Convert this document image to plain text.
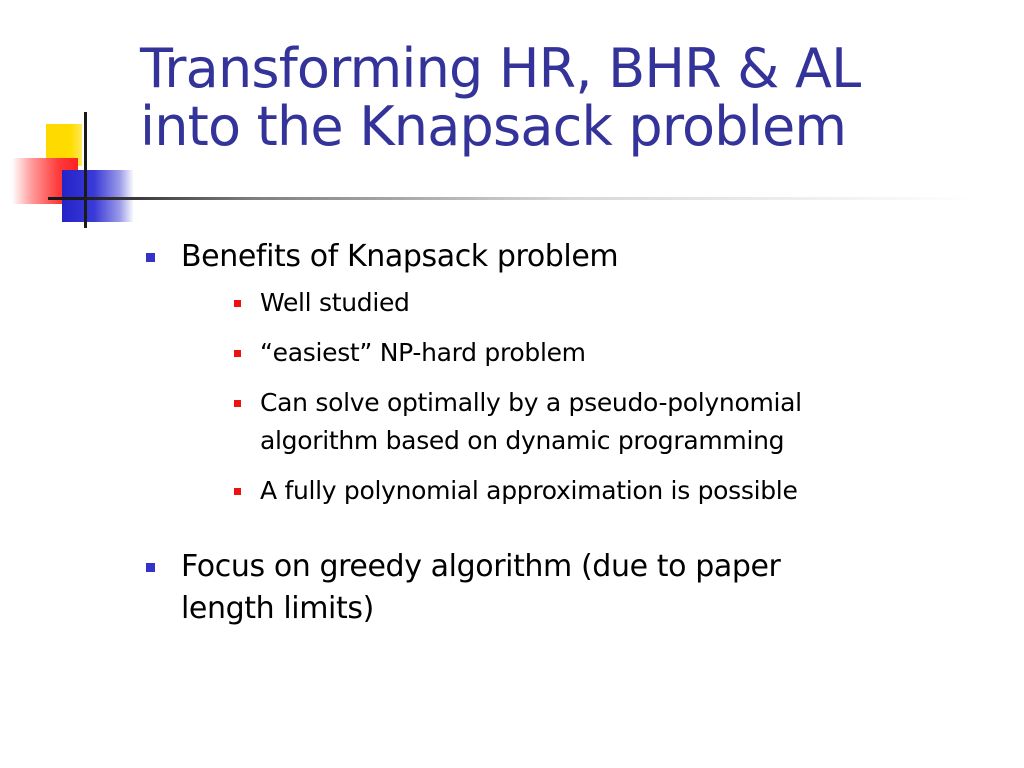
Transforming HR, BHR & AL
into the Knapsack problem
Benefits of Knapsack problem
Well studied
“easiest” NP-hard problem
Can solve optimally by a pseudo-polynomial
algorithm based on dynamic programming
A fully polynomial approximation is possible
Focus on greedy algorithm (due to paper
length limits)
